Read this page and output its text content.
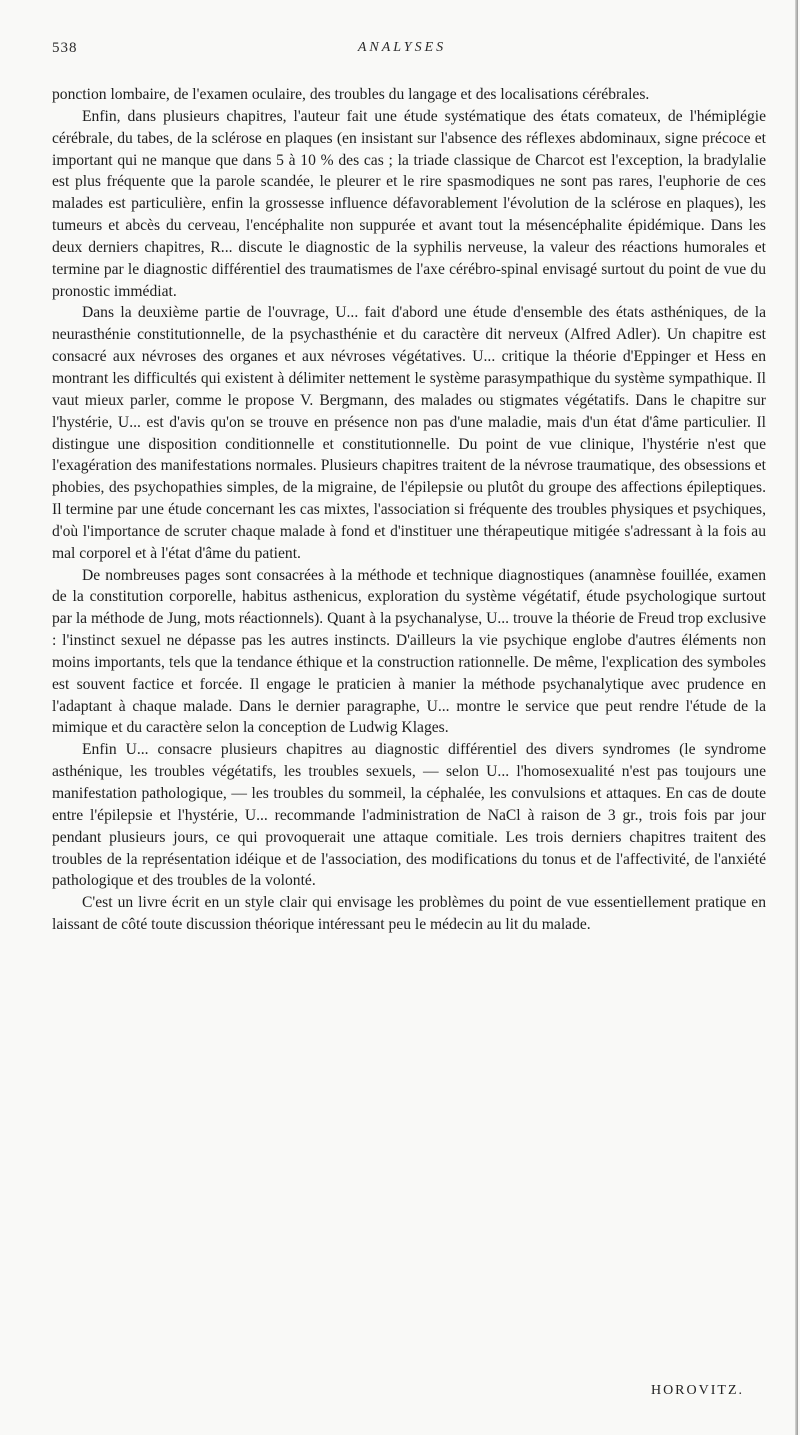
538	ANALYSES

ponction lombaire, de l'examen oculaire, des troubles du langage et des localisations cérébrales.

Enfin, dans plusieurs chapitres, l'auteur fait une étude systématique des états comateux, de l'hémiplégie cérébrale, du tabes, de la sclérose en plaques (en insistant sur l'absence des réflexes abdominaux, signe précoce et important qui ne manque que dans 5 à 10 % des cas ; la triade classique de Charcot est l'exception, la bradylalie est plus fréquente que la parole scandée, le pleurer et le rire spasmodiques ne sont pas rares, l'euphorie de ces malades est particulière, enfin la grossesse influence défavorablement l'évolution de la sclérose en plaques), les tumeurs et abcès du cerveau, l'encéphalite non suppurée et avant tout la mésencéphalite épidémique. Dans les deux derniers chapitres, R... discute le diagnostic de la syphilis nerveuse, la valeur des réactions humorales et termine par le diagnostic différentiel des traumatismes de l'axe cérébro-spinal envisagé surtout du point de vue du pronostic immédiat.

Dans la deuxième partie de l'ouvrage, U... fait d'abord une étude d'ensemble des états asthéniques, de la neurasthénie constitutionnelle, de la psychasthénie et du caractère dit nerveux (Alfred Adler). Un chapitre est consacré aux névroses des organes et aux névroses végétatives. U... critique la théorie d'Eppinger et Hess en montrant les difficultés qui existent à délimiter nettement le système parasympathique du système sympathique. Il vaut mieux parler, comme le propose V. Bergmann, des malades ou stigmates végétatifs. Dans le chapitre sur l'hystérie, U... est d'avis qu'on se trouve en présence non pas d'une maladie, mais d'un état d'âme particulier. Il distingue une disposition conditionnelle et constitutionnelle. Du point de vue clinique, l'hystérie n'est que l'exagération des manifestations normales. Plusieurs chapitres traitent de la névrose traumatique, des obsessions et phobies, des psychopathies simples, de la migraine, de l'épilepsie ou plutôt du groupe des affections épileptiques. Il termine par une étude concernant les cas mixtes, l'association si fréquente des troubles physiques et psychiques, d'où l'importance de scruter chaque malade à fond et d'instituer une thérapeutique mitigée s'adressant à la fois au mal corporel et à l'état d'âme du patient.

De nombreuses pages sont consacrées à la méthode et technique diagnostiques (anamnèse fouillée, examen de la constitution corporelle, habitus asthenicus, exploration du système végétatif, étude psychologique surtout par la méthode de Jung, mots réactionnels). Quant à la psychanalyse, U... trouve la théorie de Freud trop exclusive : l'instinct sexuel ne dépasse pas les autres instincts. D'ailleurs la vie psychique englobe d'autres éléments non moins importants, tels que la tendance éthique et la construction rationnelle. De même, l'explication des symboles est souvent factice et forcée. Il engage le praticien à manier la méthode psychanalytique avec prudence en l'adaptant à chaque malade. Dans le dernier paragraphe, U... montre le service que peut rendre l'étude de la mimique et du caractère selon la conception de Ludwig Klages.

Enfin U... consacre plusieurs chapitres au diagnostic différentiel des divers syndromes (le syndrome asthénique, les troubles végétatifs, les troubles sexuels, — selon U... l'homosexualité n'est pas toujours une manifestation pathologique, — les troubles du sommeil, la céphalée, les convulsions et attaques. En cas de doute entre l'épilepsie et l'hystérie, U... recommande l'administration de NaCl à raison de 3 gr., trois fois par jour pendant plusieurs jours, ce qui provoquerait une attaque comitiale. Les trois derniers chapitres traitent des troubles de la représentation idéique et de l'association, des modifications du tonus et de l'affectivité, de l'anxiété pathologique et des troubles de la volonté.

C'est un livre écrit en un style clair qui envisage les problèmes du point de vue essentiellement pratique en laissant de côté toute discussion théorique intéressant peu le médecin au lit du malade.

HOROVITZ.
